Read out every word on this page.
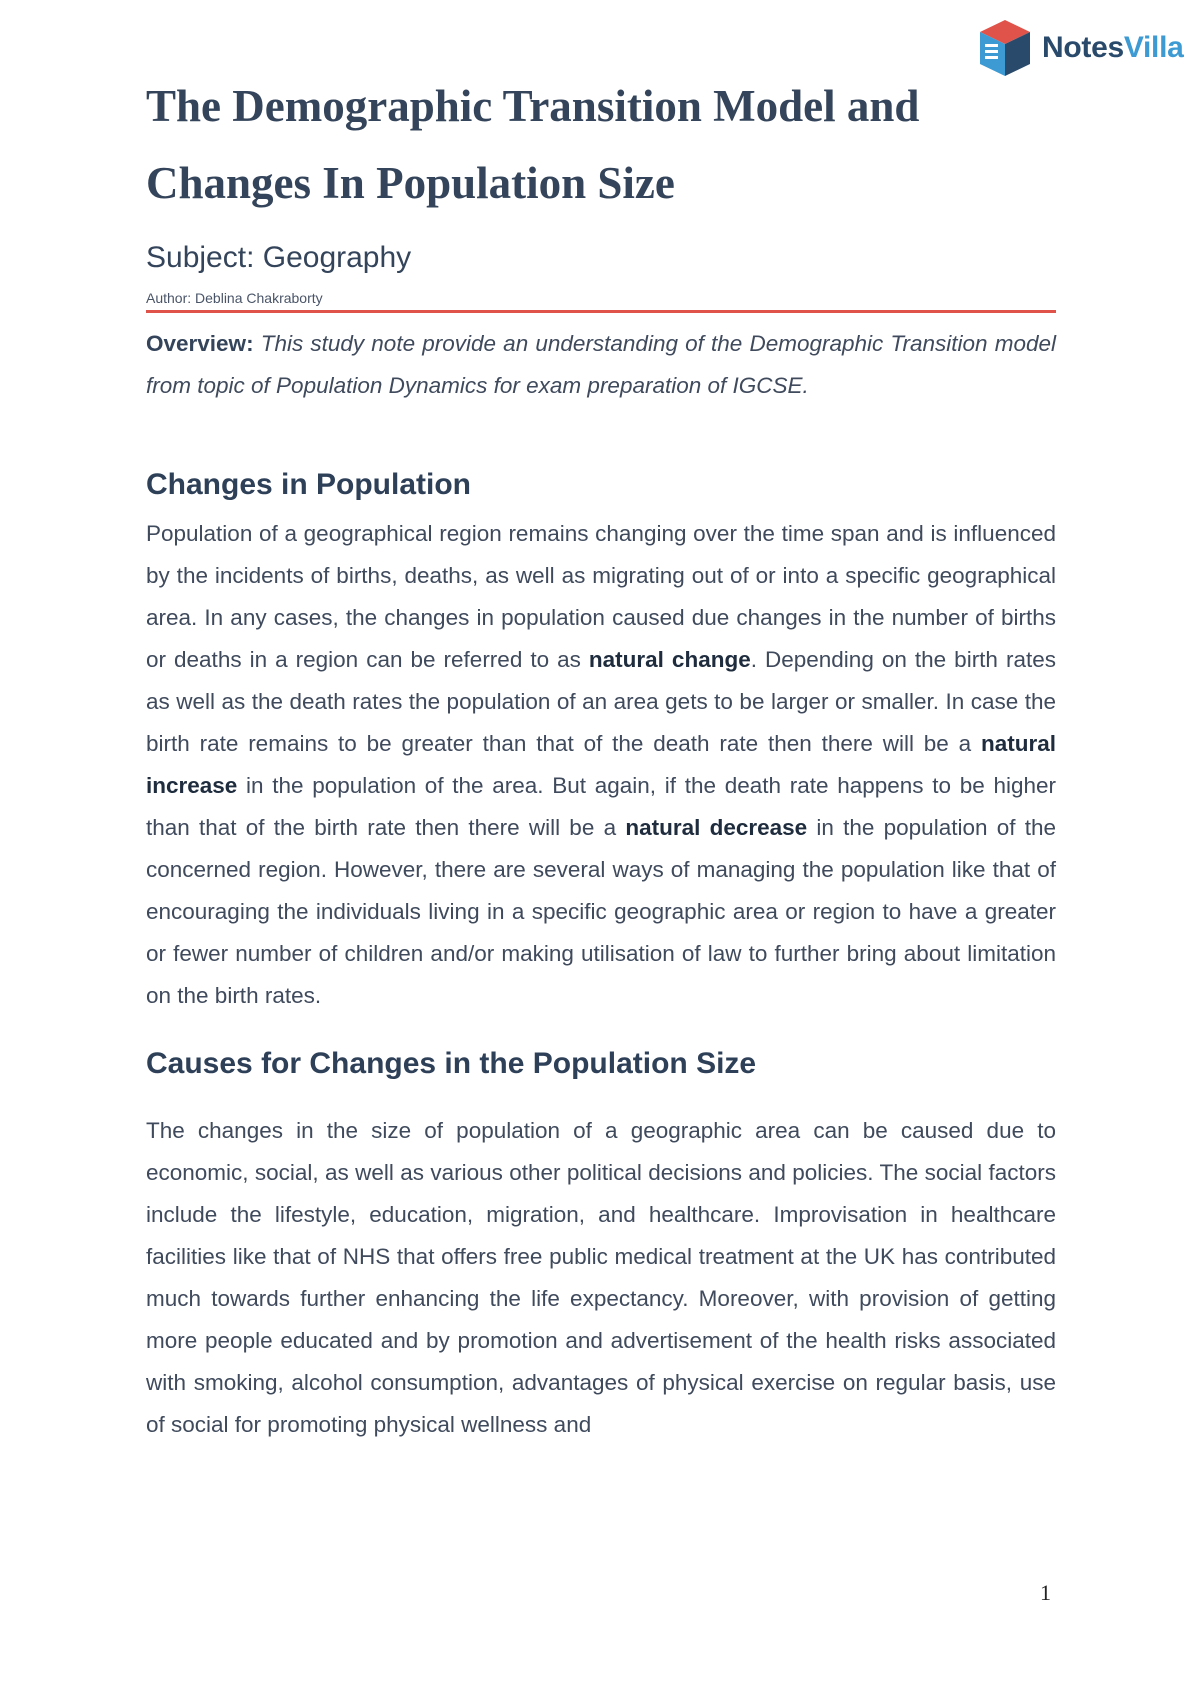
NotesVilla
The Demographic Transition Model and
Changes In Population Size
Subject: Geography
Author: Deblina Chakraborty
Overview: This study note provide an understanding of the Demographic Transition model from topic of Population Dynamics for exam preparation of IGCSE.
Changes in Population

Population of a geographical region remains changing over the time span and is influenced by the incidents of births, deaths, as well as migrating out of or into a specific geographical area. In any cases, the changes in population caused due changes in the number of births or deaths in a region can be referred to as natural change. Depending on the birth rates as well as the death rates the population of an area gets to be larger or smaller. In case the birth rate remains to be greater than that of the death rate then there will be a natural increase in the population of the area. But again, if the death rate happens to be higher than that of the birth rate then there will be a natural decrease in the population of the concerned region. However, there are several ways of managing the population like that of encouraging the individuals living in a specific geographic area or region to have a greater or fewer number of children and/or making utilisation of law to further bring about limitation on the birth rates.

Causes for Changes in the Population Size

The changes in the size of population of a geographic area can be caused due to economic, social, as well as various other political decisions and policies. The social factors include the lifestyle, education, migration, and healthcare. Improvisation in healthcare facilities like that of NHS that offers free public medical treatment at the UK has contributed much towards further enhancing the life expectancy. Moreover, with provision of getting more people educated and by promotion and advertisement of the health risks associated with smoking, alcohol consumption, advantages of physical exercise on regular basis, use of social for promoting physical wellness and

1
